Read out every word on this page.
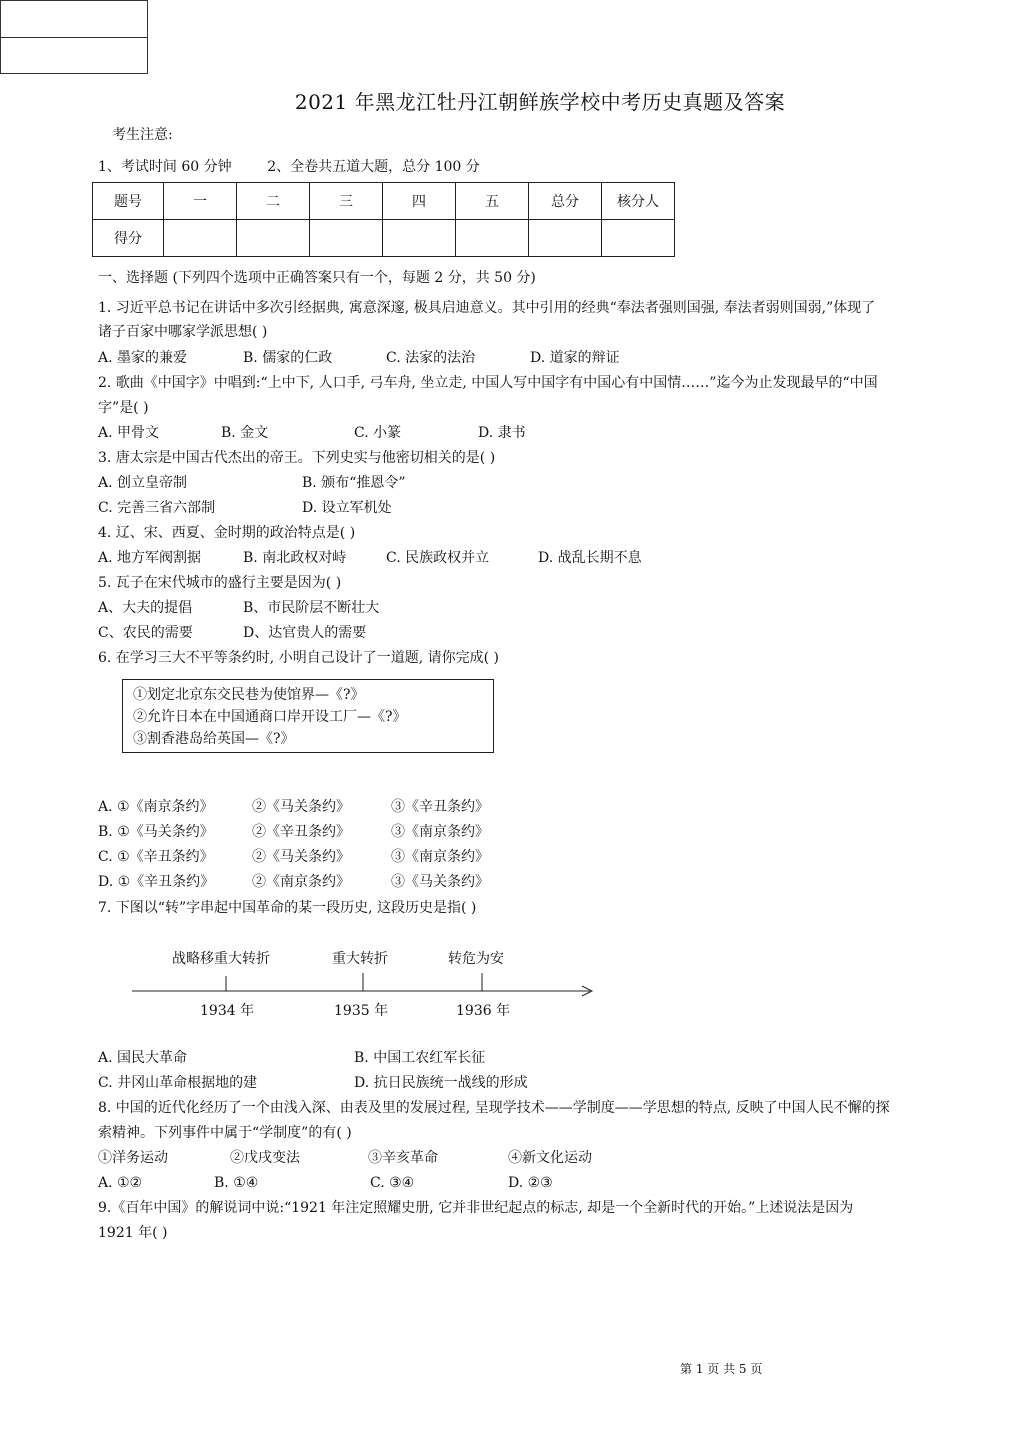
2021 年黑龙江牡丹江朝鲜族学校中考历史真题及答案
考生注意:
1、考试时间 60 分钟        2、全卷共五道大题，总分 100 分
题号	一	二	三	四	五	总分	核分人
得分							
一、选择题 (下列四个选项中正确答案只有一个，每题 2 分，共 50 分)
1. 习近平总书记在讲话中多次引经据典, 寓意深邃, 极具启迪意义。其中引用的经典“奉法者强则国强, 奉法者弱则国弱,”体现了
诸子百家中哪家学派思想( )
A. 墨家的兼爱	B. 儒家的仁政	C. 法家的法治	D. 道家的辩证
2. 歌曲《中国字》中唱到:“上中下, 人口手, 弓车舟, 坐立走, 中国人写中国字有中国心有中国情……”迄今为止发现最早的“中国
字”是( )
A. 甲骨文	B. 金文	C. 小篆	D. 隶书
3. 唐太宗是中国古代杰出的帝王。下列史实与他密切相关的是( )
A. 创立皇帝制	B. 颁布“推恩令”
C. 完善三省六部制	D. 设立军机处
4. 辽、宋、西夏、金时期的政治特点是( )
A. 地方军阀割据	B. 南北政权对峙	C. 民族政权并立	D. 战乱长期不息
5. 瓦子在宋代城市的盛行主要是因为( )
A、大夫的提倡	B、市民阶层不断壮大
C、农民的需要	D、达官贵人的需要
6. 在学习三大不平等条约时, 小明自己设计了一道题, 请你完成( )
①划定北京东交民巷为使馆界—《?》
②允许日本在中国通商口岸开设工厂—《?》
③割香港岛给英国—《?》
A. ①《南京条约》	②《马关条约》	③《辛丑条约》
B. ①《马关条约》	②《辛丑条约》	③《南京条约》
C. ①《辛丑条约》	②《马关条约》	③《南京条约》
D. ①《辛丑条约》	②《南京条约》	③《马关条约》
7. 下图以“转”字串起中国革命的某一段历史, 这段历史是指( )
战略移重大转折	重大转折	转危为安
1934 年	1935 年	1936 年
A. 国民大革命	B. 中国工农红军长征
C. 井冈山革命根据地的建	D. 抗日民族统一战线的形成
8. 中国的近代化经历了一个由浅入深、由表及里的发展过程, 呈现学技术——学制度——学思想的特点, 反映了中国人民不懈的探
索精神。下列事件中属于“学制度”的有( )
①洋务运动	②戊戌变法	③辛亥革命	④新文化运动
A. ①②	B. ①④	C. ③④	D. ②③
9.《百年中国》的解说词中说:“1921 年注定照耀史册, 它并非世纪起点的标志, 却是一个全新时代的开始。”上述说法是因为
1921 年( )
第 1 页 共 5 页
